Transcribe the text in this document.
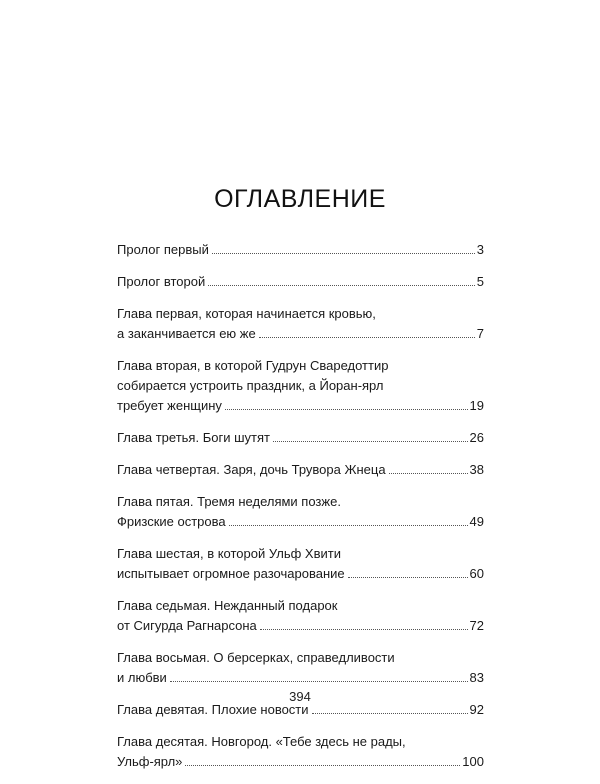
ОГЛАВЛЕНИЕ
Пролог первый	3
Пролог второй	5
Глава первая, которая начинается кровью,
а заканчивается ею же	7
Глава вторая, в которой Гудрун Сваредоттир
собирается устроить праздник, а Йоран-ярл
требует женщину	19
Глава третья. Боги шутят	26
Глава четвертая. Заря, дочь Трувора Жнеца	38
Глава пятая. Тремя неделями позже.
Фризские острова	49
Глава шестая, в которой Ульф Хвити
испытывает огромное разочарование	60
Глава седьмая. Нежданный подарок
от Сигурда Рагнарсона	72
Глава восьмая. О берсерках, справедливости
и любви	83
Глава девятая. Плохие новости	92
Глава десятая. Новгород. «Тебе здесь не рады,
Ульф-ярл»	100
394
